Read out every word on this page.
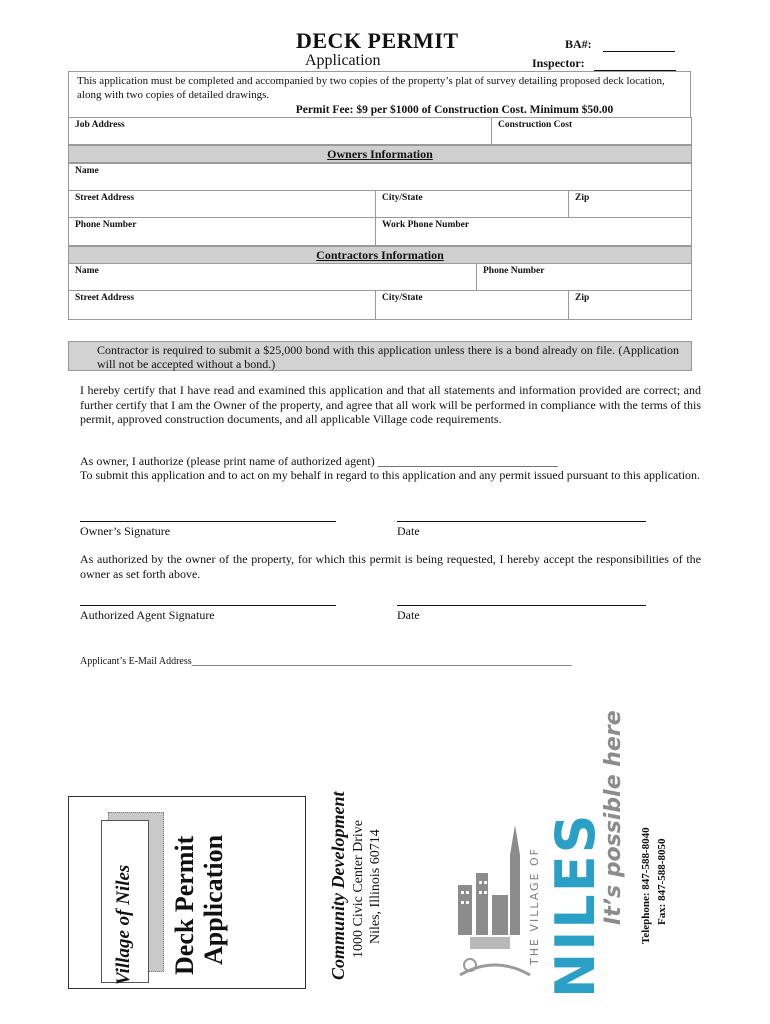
DECK PERMIT
Application
BA#:
Inspector:
This application must be completed and accompanied by two copies of the property’s plat of survey detailing proposed deck location, along with two copies of detailed drawings.
Permit Fee: $9 per $1000 of Construction Cost. Minimum $50.00
Job Address	Construction Cost
Owners Information
Name
Street Address	City/State	Zip
Phone Number	Work Phone Number
Contractors Information
Name	Phone Number
Street Address	City/State	Zip
Contractor is required to submit a $25,000 bond with this application unless there is a bond already on file. (Application will not be accepted without a bond.)
I hereby certify that I have read and examined this application and that all statements and information provided are correct; and further certify that I am the Owner of the property, and agree that all work will be performed in compliance with the terms of this permit, approved construction documents, and all applicable Village code requirements.
As owner, I authorize (please print name of authorized agent) ______________________________
To submit this application and to act on my behalf in regard to this application and any permit issued pursuant to this application.
Owner’s Signature	Date
As authorized by the owner of the property, for which this permit is being requested, I hereby accept the responsibilities of the owner as set forth above.
Authorized Agent Signature	Date
Applicant’s E-Mail Address____________________________________________________________________________
Village of Niles Deck Permit Application	Community Development 1000 Civic Center Drive Niles, Illinois 60714	THE VILLAGE OF NILES
It’s possible here Telephone: 847-588-8040 Fax: 847-588-8050
